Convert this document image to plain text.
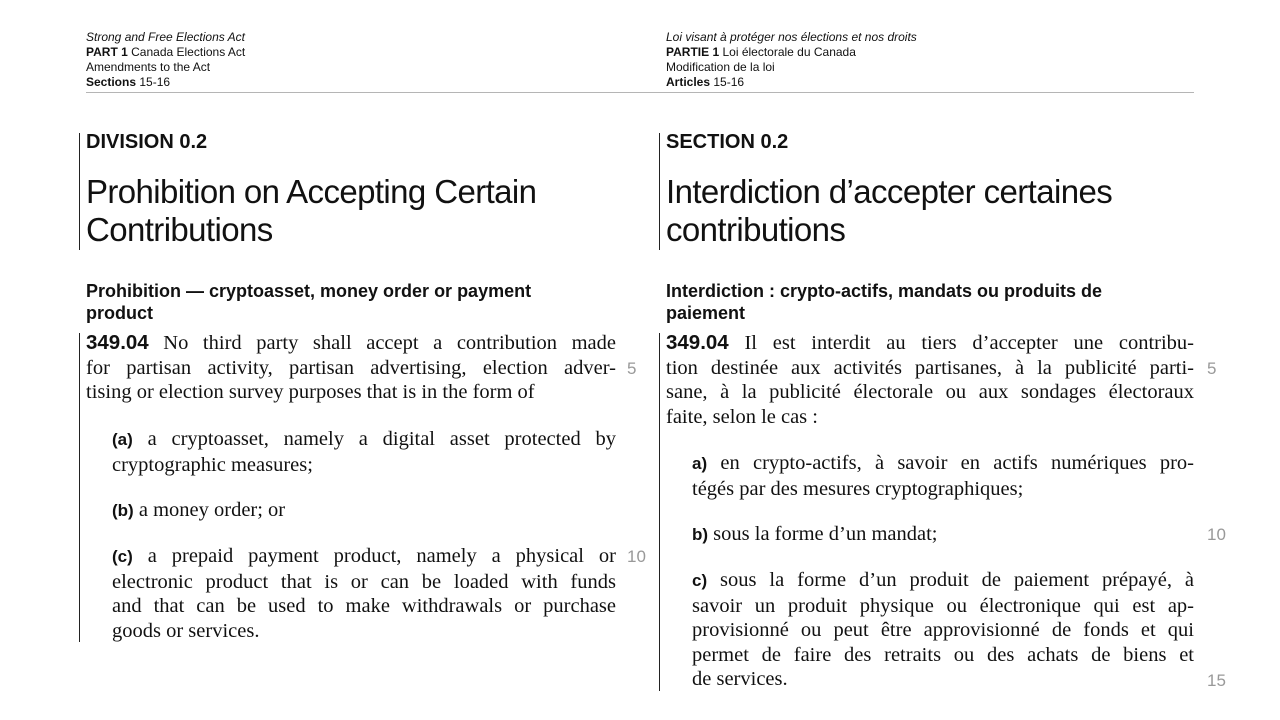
Strong and Free Elections Act
PART 1 Canada Elections Act
Amendments to the Act
Sections 15-16
Loi visant à protéger nos élections et nos droits
PARTIE 1 Loi électorale du Canada
Modification de la loi
Articles 15-16
DIVISION 0.2
Prohibition on Accepting Certain
Contributions
Prohibition — cryptoasset, money order or payment
product
349.04 No third party shall accept a contribution made
for partisan activity, partisan advertising, election adver-
tising or election survey purposes that is in the form of
(a) a cryptoasset, namely a digital asset protected by
cryptographic measures;
(b) a money order; or
(c) a prepaid payment product, namely a physical or
electronic product that is or can be loaded with funds
and that can be used to make withdrawals or purchase
goods or services.
5
10
SECTION 0.2
Interdiction d’accepter certaines
contributions
Interdiction : crypto-actifs, mandats ou produits de
paiement
349.04 Il est interdit au tiers d’accepter une contribu-
tion destinée aux activités partisanes, à la publicité parti-
sane, à la publicité électorale ou aux sondages électoraux
faite, selon le cas :
a) en crypto-actifs, à savoir en actifs numériques pro-
tégés par des mesures cryptographiques;
b) sous la forme d’un mandat;
c) sous la forme d’un produit de paiement prépayé, à
savoir un produit physique ou électronique qui est ap-
provisionné ou peut être approvisionné de fonds et qui
permet de faire des retraits ou des achats de biens et
de services.
5
10
15
